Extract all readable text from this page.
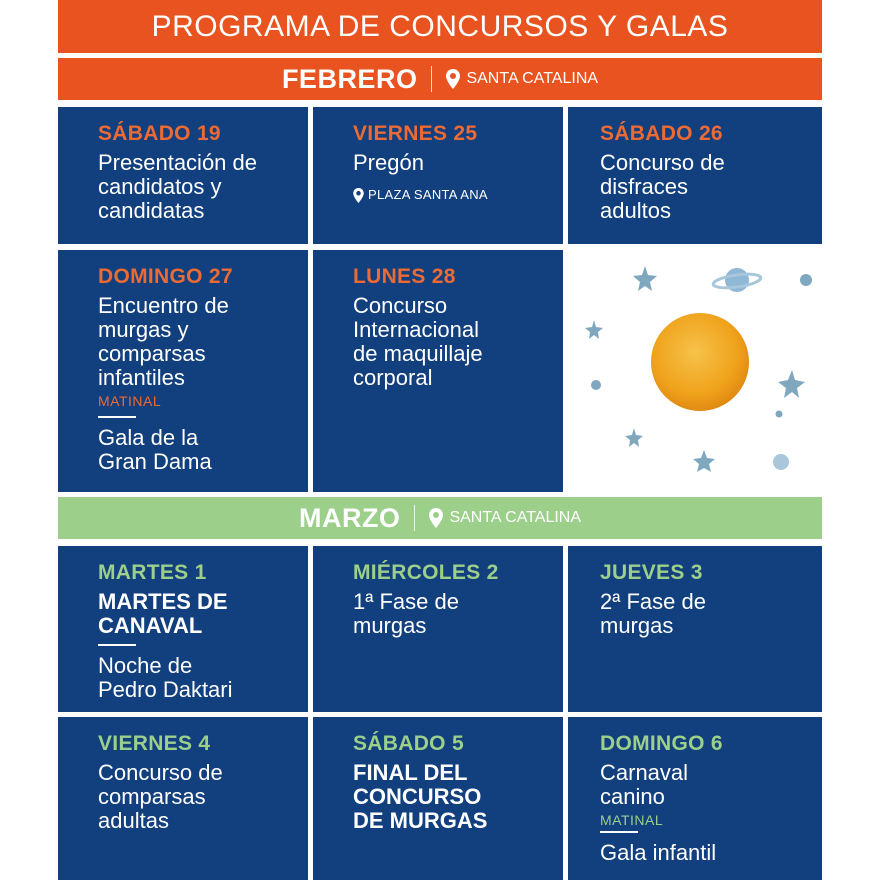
PROGRAMA DE CONCURSOS Y GALAS
FEBRERO	SANTA CATALINA
SÁBADO 19
Presentación de
candidatos y
candidatas
VIERNES 25
Pregón
PLAZA SANTA ANA
SÁBADO 26
Concurso de
disfraces
adultos
DOMINGO 27
Encuentro de
murgas y
comparsas
infantiles
MATINAL
Gala de la
Gran Dama
LUNES 28
Concurso
Internacional
de maquillaje
corporal
MARZO	SANTA CATALINA
MARTES 1
MARTES DE
CANAVAL
Noche de
Pedro Daktari
MIÉRCOLES 2
1ª Fase de
murgas
JUEVES 3
2ª Fase de
murgas
VIERNES 4
Concurso de
comparsas
adultas
SÁBADO 5
FINAL DEL
CONCURSO
DE MURGAS
DOMINGO 6
Carnaval
canino
MATINAL
Gala infantil
